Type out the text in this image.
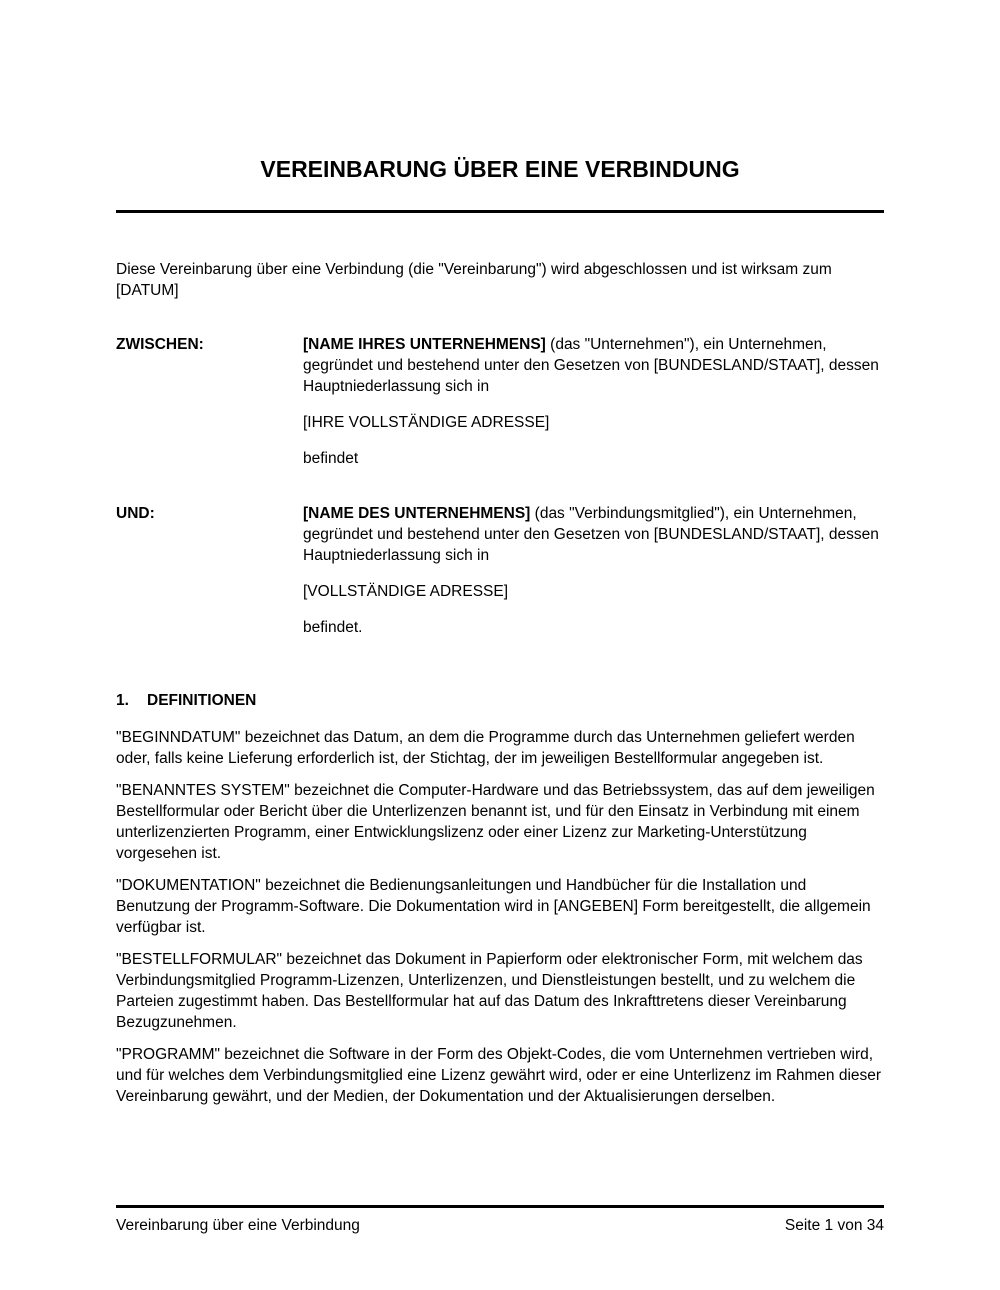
VEREINBARUNG ÜBER EINE VERBINDUNG

Diese Vereinbarung über eine Verbindung (die "Vereinbarung") wird abgeschlossen und ist wirksam zum [DATUM]

ZWISCHEN:	[NAME IHRES UNTERNEHMENS] (das "Unternehmen"), ein Unternehmen, gegründet und bestehend unter den Gesetzen von [BUNDESLAND/STAAT], dessen Hauptniederlassung sich in

[IHRE VOLLSTÄNDIGE ADRESSE]

befindet

UND:	[NAME DES UNTERNEHMENS] (das "Verbindungsmitglied"), ein Unternehmen, gegründet und bestehend unter den Gesetzen von [BUNDESLAND/STAAT], dessen Hauptniederlassung sich in

[VOLLSTÄNDIGE ADRESSE]

befindet.

1.	DEFINITIONEN

"BEGINNDATUM" bezeichnet das Datum, an dem die Programme durch das Unternehmen geliefert werden oder, falls keine Lieferung erforderlich ist, der Stichtag, der im jeweiligen Bestellformular angegeben ist.

"BENANNTES SYSTEM" bezeichnet die Computer-Hardware und das Betriebssystem, das auf dem jeweiligen Bestellformular oder Bericht über die Unterlizenzen benannt ist, und für den Einsatz in Verbindung mit einem unterlizenzierten Programm, einer Entwicklungslizenz oder einer Lizenz zur Marketing-Unterstützung vorgesehen ist.

"DOKUMENTATION" bezeichnet die Bedienungsanleitungen und Handbücher für die Installation und Benutzung der Programm-Software. Die Dokumentation wird in [ANGEBEN] Form bereitgestellt, die allgemein verfügbar ist.

"BESTELLFORMULAR" bezeichnet das Dokument in Papierform oder elektronischer Form, mit welchem das Verbindungsmitglied Programm-Lizenzen, Unterlizenzen, und Dienstleistungen bestellt, und zu welchem die Parteien zugestimmt haben. Das Bestellformular hat auf das Datum des Inkrafttretens dieser Vereinbarung Bezugzunehmen.

"PROGRAMM" bezeichnet die Software in der Form des Objekt-Codes, die vom Unternehmen vertrieben wird, und für welches dem Verbindungsmitglied eine Lizenz gewährt wird, oder er eine Unterlizenz im Rahmen dieser Vereinbarung gewährt, und der Medien, der Dokumentation und der Aktualisierungen derselben.

Vereinbarung über eine Verbindung	Seite 1 von 34
